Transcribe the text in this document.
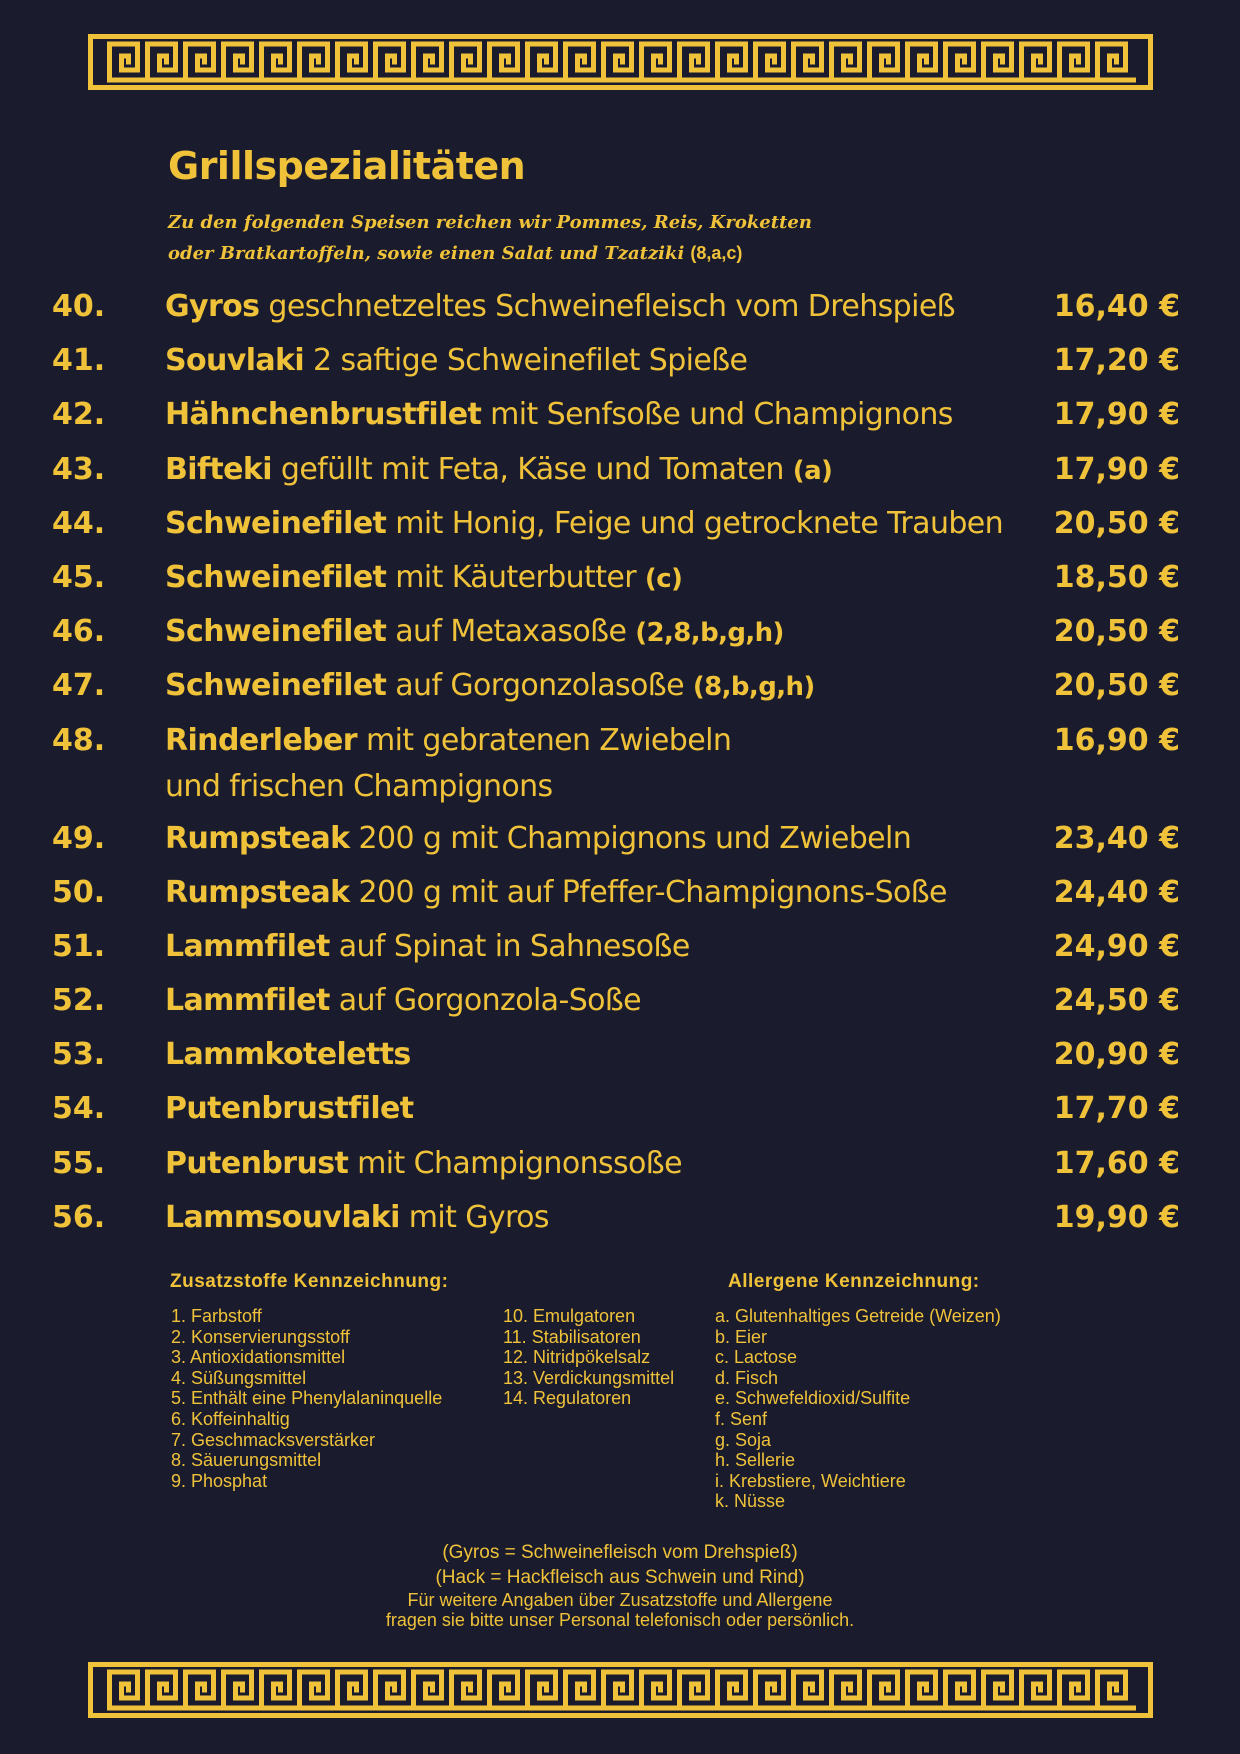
Grillspezialitäten
Zu den folgenden Speisen reichen wir Pommes, Reis, Kroketten
oder Bratkartoffeln, sowie einen Salat und Tzatziki (8,a,c)
40. Gyros geschnetzeltes Schweinefleisch vom Drehspieß	16,40 €
41. Souvlaki 2 saftige Schweinefilet Spieße	17,20 €
42. Hähnchenbrustfilet mit Senfsoße und Champignons	17,90 €
43. Bifteki gefüllt mit Feta, Käse und Tomaten (a)	17,90 €
44. Schweinefilet mit Honig, Feige und getrocknete Trauben 20,50 €
45. Schweinefilet mit Käuterbutter (c)	18,50 €
46. Schweinefilet auf Metaxasoße (2,8,b,g,h)	20,50 €
47. Schweinefilet auf Gorgonzolasoße (8,b,g,h)	20,50 €
48. Rinderleber mit gebratenen Zwiebeln
und frischen Champignons
16,90 €
49. Rumpsteak 200 g mit Champignons und Zwiebeln	23,40 €
50. Rumpsteak 200 g mit auf Pfeffer-Champignons-Soße	24,40 €
51. Lammfilet auf Spinat in Sahnesoße	24,90 €
52. Lammfilet auf Gorgonzola-Soße	24,50 €
53. Lammkoteletts	20,90 €
54. Putenbrustfilet	17,70 €
55. Putenbrust mit Champignonssoße	17,60 €
56. Lammsouvlaki mit Gyros	19,90 €
Zusatzstoffe Kennzeichnung:
1. Farbstoff
2. Konservierungsstoff
3. Antioxidationsmittel
4. Süßungsmittel
5. Enthält eine Phenylalaninquelle
6. Koffeinhaltig
7. Geschmacksverstärker
8. Säuerungsmittel
9. Phosphat
10. Emulgatoren
11. Stabilisatoren
12. Nitridpökelsalz
13. Verdickungsmittel
14. Regulatoren
Allergene Kennzeichnung:
a. Glutenhaltiges Getreide (Weizen)
b. Eier
c. Lactose
d. Fisch
e. Schwefeldioxid/Sulfite
f. Senf
g. Soja
h. Sellerie
i. Krebstiere, Weichtiere
k. Nüsse
(Gyros = Schweinefleisch vom Drehspieß)
(Hack = Hackfleisch aus Schwein und Rind)
Für weitere Angaben über Zusatzstoffe und Allergene
fragen sie bitte unser Personal telefonisch oder persönlich.
